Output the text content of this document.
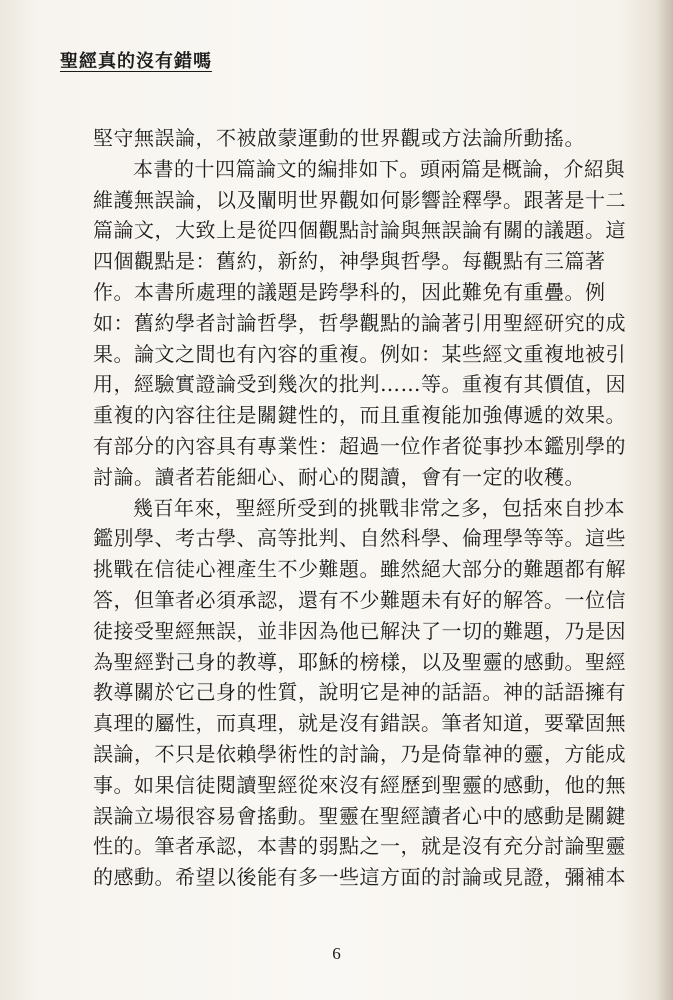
聖經真的沒有錯嗎

堅守無誤論，不被啟蒙運動的世界觀或方法論所動搖。

本書的十四篇論文的編排如下。頭兩篇是概論，介紹與
維護無誤論，以及闡明世界觀如何影響詮釋學。跟著是十二
篇論文，大致上是從四個觀點討論與無誤論有關的議題。這
四個觀點是：舊約，新約，神學與哲學。每觀點有三篇著
作。本書所處理的議題是跨學科的，因此難免有重疊。例
如：舊約學者討論哲學，哲學觀點的論著引用聖經研究的成
果。論文之間也有內容的重複。例如：某些經文重複地被引
用，經驗實證論受到幾次的批判……等。重複有其價值，因
重複的內容往往是關鍵性的，而且重複能加強傳遞的效果。
有部分的內容具有專業性：超過一位作者從事抄本鑑別學的
討論。讀者若能細心、耐心的閱讀，會有一定的收穫。

幾百年來，聖經所受到的挑戰非常之多，包括來自抄本
鑑別學、考古學、高等批判、自然科學、倫理學等等。這些
挑戰在信徒心裡產生不少難題。雖然絕大部分的難題都有解
答，但筆者必須承認，還有不少難題未有好的解答。一位信
徒接受聖經無誤，並非因為他已解決了一切的難題，乃是因
為聖經對己身的教導，耶穌的榜樣，以及聖靈的感動。聖經
教導關於它己身的性質，說明它是神的話語。神的話語擁有
真理的屬性，而真理，就是沒有錯誤。筆者知道，要鞏固無
誤論，不只是依賴學術性的討論，乃是倚靠神的靈，方能成
事。如果信徒閱讀聖經從來沒有經歷到聖靈的感動，他的無
誤論立場很容易會搖動。聖靈在聖經讀者心中的感動是關鍵
性的。筆者承認，本書的弱點之一，就是沒有充分討論聖靈
的感動。希望以後能有多一些這方面的討論或見證，彌補本

6
